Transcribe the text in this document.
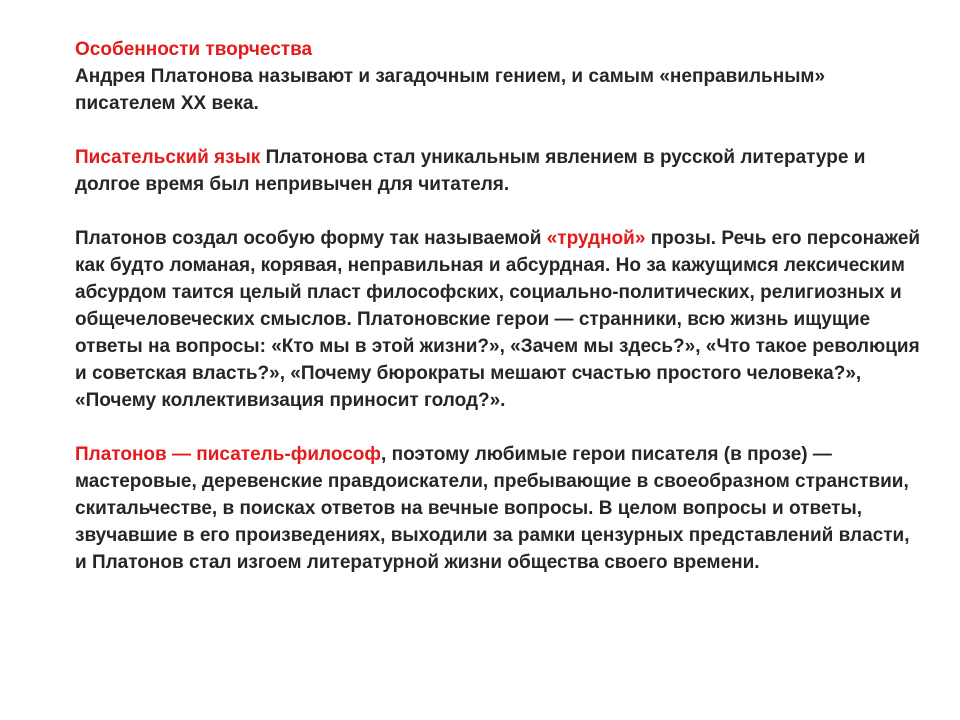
Особенности творчества
Андрея Платонова называют и загадочным гением, и самым «неправильным» писателем XX века.

Писательский язык Платонова стал уникальным явлением в русской литературе и долгое время был непривычен для читателя.

Платонов создал особую форму так называемой «трудной» прозы. Речь его персонажей как будто ломаная, корявая, неправильная и абсурдная. Но за кажущимся лексическим абсурдом таится целый пласт философских, социально-политических, религиозных и общечеловеческих смыслов. Платоновские герои — странники, всю жизнь ищущие ответы на вопросы: «Кто мы в этой жизни?», «Зачем мы здесь?», «Что такое революция и советская власть?», «Почему бюрократы мешают счастью простого человека?», «Почему коллективизация приносит голод?».

Платонов — писатель-философ, поэтому любимые герои писателя (в прозе) — мастеровые, деревенские правдоискатели, пребывающие в своеобразном странствии, скитальчестве, в поисках ответов на вечные вопросы. В целом вопросы и ответы, звучавшие в его произведениях, выходили за рамки цензурных представлений власти, и Платонов стал изгоем литературной жизни общества своего времени.
